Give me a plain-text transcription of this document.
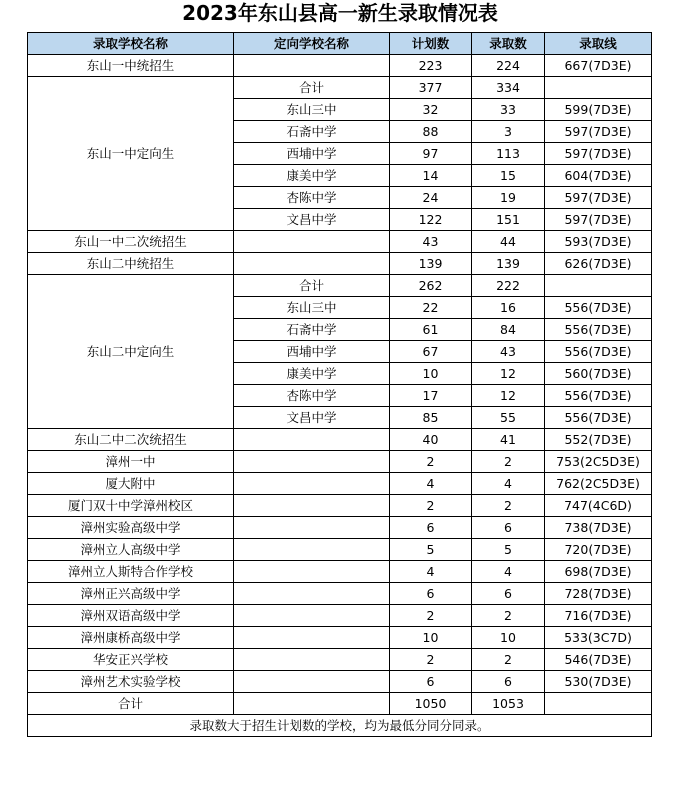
2023年东山县高一新生录取情况表
录取学校名称	定向学校名称	计划数	录取数	录取线
东山一中统招生		223	224	667(7D3E)
东山一中定向生	合计	377	334	
	东山三中	32	33	599(7D3E)
	石斋中学	88	3	597(7D3E)
	西埔中学	97	113	597(7D3E)
	康美中学	14	15	604(7D3E)
	杏陈中学	24	19	597(7D3E)
	文昌中学	122	151	597(7D3E)
东山一中二次统招生		43	44	593(7D3E)
东山二中统招生		139	139	626(7D3E)
东山二中定向生	合计	262	222	
	东山三中	22	16	556(7D3E)
	石斋中学	61	84	556(7D3E)
	西埔中学	67	43	556(7D3E)
	康美中学	10	12	560(7D3E)
	杏陈中学	17	12	556(7D3E)
	文昌中学	85	55	556(7D3E)
东山二中二次统招生		40	41	552(7D3E)
漳州一中		2	2	753(2C5D3E)
厦大附中		4	4	762(2C5D3E)
厦门双十中学漳州校区		2	2	747(4C6D)
漳州实验高级中学		6	6	738(7D3E)
漳州立人高级中学		5	5	720(7D3E)
漳州立人斯特合作学校		4	4	698(7D3E)
漳州正兴高级中学		6	6	728(7D3E)
漳州双语高级中学		2	2	716(7D3E)
漳州康桥高级中学		10	10	533(3C7D)
华安正兴学校		2	2	546(7D3E)
漳州艺术实验学校		6	6	530(7D3E)
合计		1050	1053	
录取数大于招生计划数的学校，均为最低分同分同录。				
